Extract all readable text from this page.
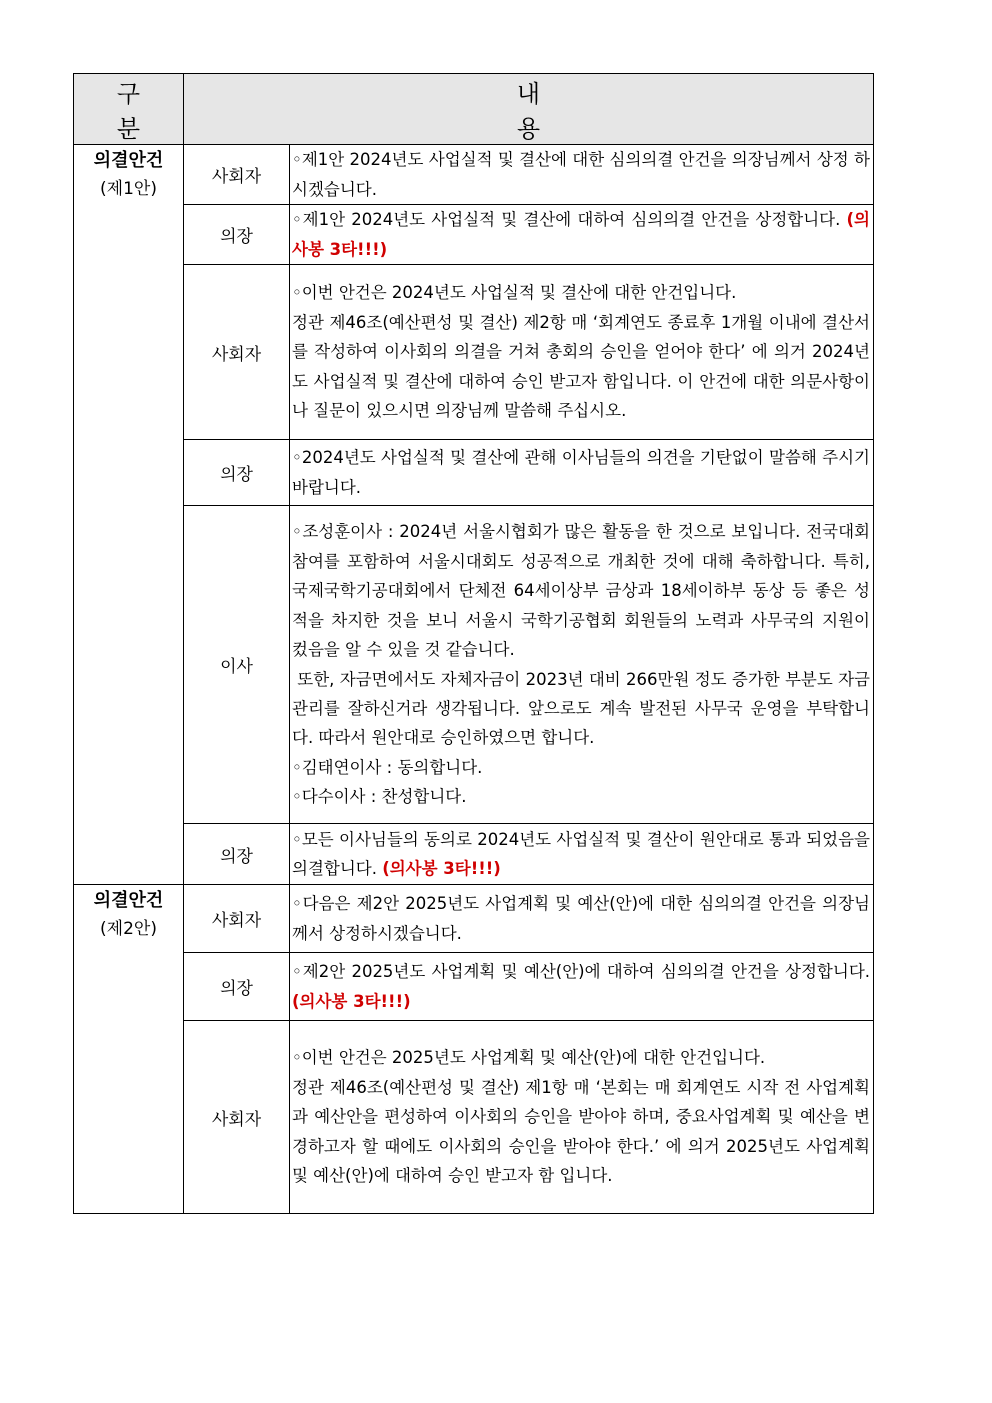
구 분	내 용	

의결안건
(제1안)	사회자	◦제1안 2024년도 사업실적 및 결산에 대한 심의의결 안건을 의장님께서 상정 하시겠습니다.

	의장	◦제1안 2024년도 사업실적 및 결산에 대하여 심의의결 안건을 상정합니다. (의사봉 3타!!!)

	사회자	◦이번 안건은 2024년도 사업실적 및 결산에 대한 안건입니다.

정관 제46조(예산편성 및 결산) 제2항 매 ‘회계연도 종료후 1개월 이내에 결산서를 작성하여 이사회의 의결을 거쳐 총회의 승인을 얻어야 한다’ 에 의거 2024년도 사업실적 및 결산에 대하여 승인 받고자 함입니다. 이 안건에 대한 의문사항이나 질문이 있으시면 의장님께 말씀해 주십시오.

	의장	◦2024년도 사업실적 및 결산에 관해 이사님들의 의견을 기탄없이 말씀해 주시기 바랍니다.

	이사	◦조성훈이사 : 2024년 서울시협회가 많은 활동을 한 것으로 보입니다. 전국대회 참여를 포함하여 서울시대회도 성공적으로 개최한 것에 대해 축하합니다. 특히, 국제국학기공대회에서 단체전 64세이상부 금상과 18세이하부 동상 등 좋은 성적을 차지한 것을 보니 서울시 국학기공협회 회원들의 노력과 사무국의 지원이 컸음을 알 수 있을 것 같습니다.

또한, 자금면에서도 자체자금이 2023년 대비 266만원 정도 증가한 부분도 자금관리를 잘하신거라 생각됩니다. 앞으로도 계속 발전된 사무국 운영을 부탁합니다. 따라서 원안대로 승인하였으면 합니다.

◦김태연이사 : 동의합니다.

◦다수이사 : 찬성합니다.

	의장	◦모든 이사님들의 동의로 2024년도 사업실적 및 결산이 원안대로 통과 되었음을 의결합니다. (의사봉 3타!!!)

의결안건
(제2안)	사회자	◦다음은 제2안 2025년도 사업계획 및 예산(안)에 대한 심의의결 안건을 의장님께서 상정하시겠습니다.

	의장	◦제2안 2025년도 사업계획 및 예산(안)에 대하여 심의의결 안건을 상정합니다. (의사봉 3타!!!)

	사회자	◦이번 안건은 2025년도 사업계획 및 예산(안)에 대한 안건입니다.

정관 제46조(예산편성 및 결산) 제1항 매 ‘본회는 매 회계연도 시작 전 사업계획과 예산안을 편성하여 이사회의 승인을 받아야 하며, 중요사업계획 및 예산을 변경하고자 할 때에도 이사회의 승인을 받아야 한다.’ 에 의거 2025년도 사업계획 및 예산(안)에 대하여 승인 받고자 함 입니다.
